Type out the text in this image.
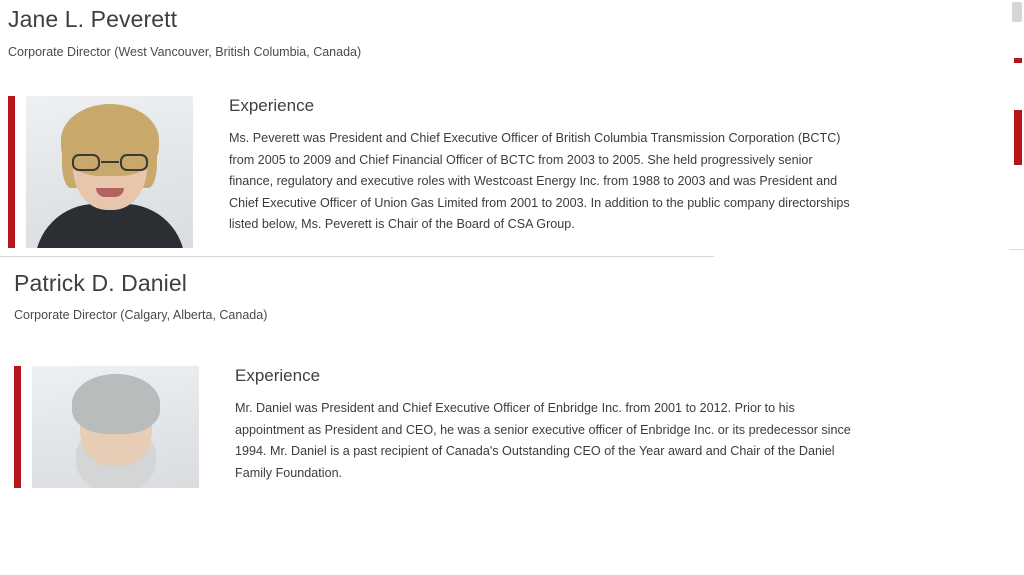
Jane L. Peverett

Corporate Director (West Vancouver, British Columbia, Canada)

Experience

Ms. Peverett was President and Chief Executive Officer of British Columbia Transmission Corporation (BCTC) from 2005 to 2009 and Chief Financial Officer of BCTC from 2003 to 2005. She held progressively senior finance, regulatory and executive roles with Westcoast Energy Inc. from 1988 to 2003 and was President and Chief Executive Officer of Union Gas Limited from 2001 to 2003. In addition to the public company directorships listed below, Ms. Peverett is Chair of the Board of CSA Group.

Patrick D. Daniel

Corporate Director (Calgary, Alberta, Canada)

Experience

Mr. Daniel was President and Chief Executive Officer of Enbridge Inc. from 2001 to 2012. Prior to his appointment as President and CEO, he was a senior executive officer of Enbridge Inc. or its predecessor since 1994. Mr. Daniel is a past recipient of Canada's Outstanding CEO of the Year award and Chair of the Daniel Family Foundation.
